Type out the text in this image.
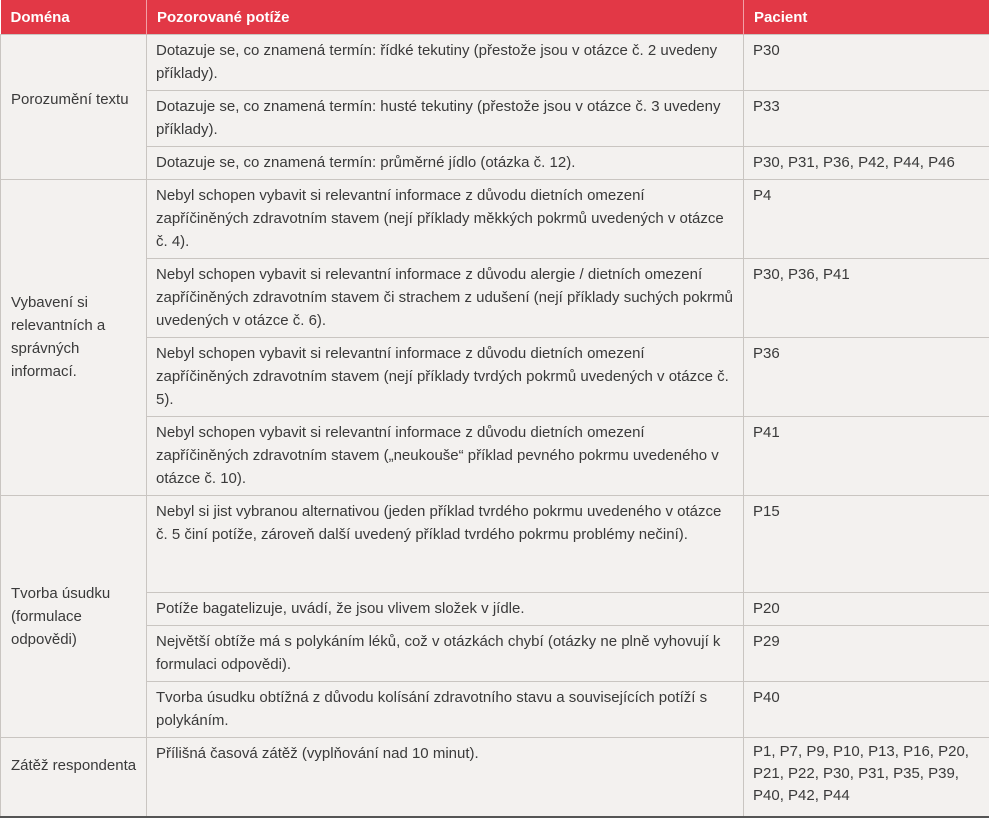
Doména	Pozorované potíže	Pacient
Porozumění textu	Dotazuje se, co znamená termín: řídké tekutiny (přestože jsou v otázce č. 2 uvedeny příklady).	P30
	Dotazuje se, co znamená termín: husté tekutiny (přestože jsou v otázce č. 3 uvedeny příklady).	P33
	Dotazuje se, co znamená termín: průměrné jídlo (otázka č. 12).	P30, P31, P36, P42, P44, P46
Vybavení si relevantních a správných informací.	Nebyl schopen vybavit si relevantní informace z důvodu dietních omezení zapříčiněných zdravotním stavem (nejí příklady měkkých pokrmů uvedených v otázce č. 4).	P4
	Nebyl schopen vybavit si relevantní informace z důvodu alergie / dietních omezení zapříčiněných zdravotním stavem či strachem z udušení (nejí příklady suchých pokrmů uvedených v otázce č. 6).	P30, P36, P41
	Nebyl schopen vybavit si relevantní informace z důvodu dietních omezení zapříčiněných zdravotním stavem (nejí příklady tvrdých pokrmů uvedených v otázce č. 5).	P36
	Nebyl schopen vybavit si relevantní informace z důvodu dietních omezení zapříčiněných zdravotním stavem („neukouše“ příklad pevného pokrmu uvedeného v otázce č. 10).	P41
Tvorba úsudku (formulace odpovědi)	Nebyl si jist vybranou alternativou (jeden příklad tvrdého pokrmu uvedeného v otázce č. 5 činí potíže, zároveň další uvedený příklad tvrdého pokrmu problémy nečiní).	P15
	Potíže bagatelizuje, uvádí, že jsou vlivem složek v jídle.	P20
	Největší obtíže má s polykáním léků, což v otázkách chybí (otázky ne plně vyhovují k formulaci odpovědi).	P29
	Tvorba úsudku obtížná z důvodu kolísání zdravotního stavu a souvisejících potíží s polykáním.	P40
Zátěž respondenta	Přílišná časová zátěž (vyplňování nad 10 minut).	P1, P7, P9, P10, P13, P16, P20, P21, P22, P30, P31, P35, P39, P40, P42, P44
